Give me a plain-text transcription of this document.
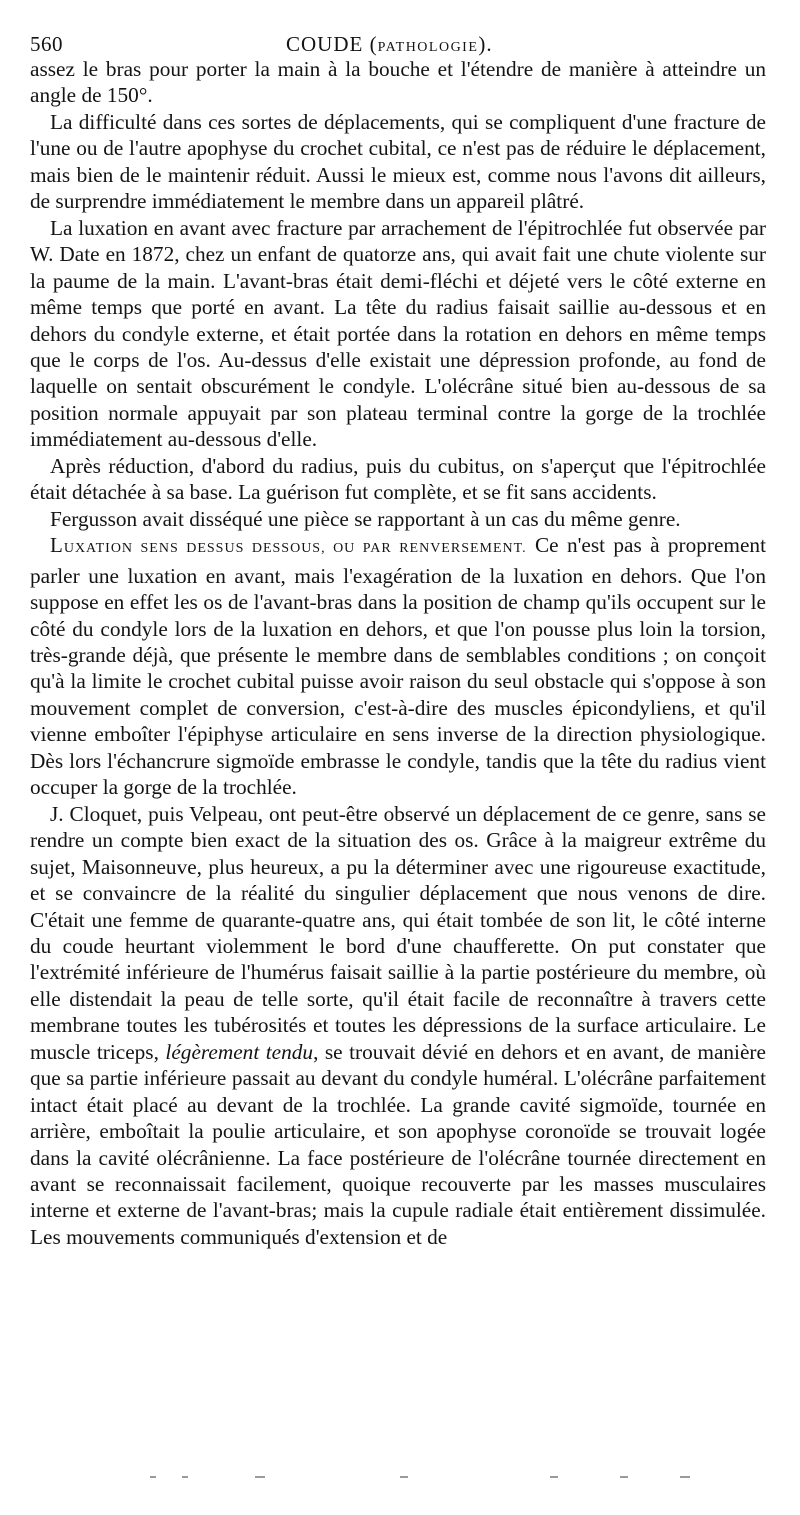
560	COUDE (PATHOLOGIE).

assez le bras pour porter la main à la bouche et l'étendre de manière à atteindre un angle de 150°.

La difficulté dans ces sortes de déplacements, qui se compliquent d'une fracture de l'une ou de l'autre apophyse du crochet cubital, ce n'est pas de réduire le déplacement, mais bien de le maintenir réduit. Aussi le mieux est, comme nous l'avons dit ailleurs, de surprendre immédiatement le membre dans un appareil plâtré.

La luxation en avant avec fracture par arrachement de l'épitrochlée fut observée par W. Date en 1872, chez un enfant de quatorze ans, qui avait fait une chute violente sur la paume de la main. L'avant-bras était demi-fléchi et déjeté vers le côté externe en même temps que porté en avant. La tête du radius faisait saillie au-dessous et en dehors du condyle externe, et était portée dans la rotation en dehors en même temps que le corps de l'os. Au-dessus d'elle existait une dépression profonde, au fond de laquelle on sentait obscurément le condyle. L'olécrâne situé bien au-dessous de sa position normale appuyait par son plateau terminal contre la gorge de la trochlée immédiatement au-dessous d'elle.

Après réduction, d'abord du radius, puis du cubitus, on s'aperçut que l'épitrochlée était détachée à sa base. La guérison fut complète, et se fit sans accidents.

Fergusson avait disséqué une pièce se rapportant à un cas du même genre.

LUXATION SENS DESSUS DESSOUS, OU PAR RENVERSEMENT. Ce n'est pas à proprement parler une luxation en avant, mais l'exagération de la luxation en dehors. Que l'on suppose en effet les os de l'avant-bras dans la position de champ qu'ils occupent sur le côté du condyle lors de la luxation en dehors, et que l'on pousse plus loin la torsion, très-grande déjà, que présente le membre dans de semblables conditions ; on conçoit qu'à la limite le crochet cubital puisse avoir raison du seul obstacle qui s'oppose à son mouvement complet de conversion, c'est-à-dire des muscles épicondyliens, et qu'il vienne emboîter l'épiphyse articulaire en sens inverse de la direction physiologique. Dès lors l'échancrure sigmoïde embrasse le condyle, tandis que la tête du radius vient occuper la gorge de la trochlée.

J. Cloquet, puis Velpeau, ont peut-être observé un déplacement de ce genre, sans se rendre un compte bien exact de la situation des os. Grâce à la maigreur extrême du sujet, Maisonneuve, plus heureux, a pu la déterminer avec une rigoureuse exactitude, et se convaincre de la réalité du singulier déplacement que nous venons de dire. C'était une femme de quarante-quatre ans, qui était tombée de son lit, le côté interne du coude heurtant violemment le bord d'une chaufferette. On put constater que l'extrémité inférieure de l'humérus faisait saillie à la partie postérieure du membre, où elle distendait la peau de telle sorte, qu'il était facile de reconnaître à travers cette membrane toutes les tubérosités et toutes les dépressions de la surface articulaire. Le muscle triceps, légèrement tendu, se trouvait dévié en dehors et en avant, de manière que sa partie inférieure passait au devant du condyle huméral. L'olécrâne parfaitement intact était placé au devant de la trochlée. La grande cavité sigmoïde, tournée en arrière, emboîtait la poulie articulaire, et son apophyse coronoïde se trouvait logée dans la cavité olécrânienne. La face postérieure de l'olécrâne tournée directement en avant se reconnaissait facilement, quoique recouverte par les masses musculaires interne et externe de l'avant-bras; mais la cupule radiale était entièrement dissimulée. Les mouvements communiqués d'extension et de
